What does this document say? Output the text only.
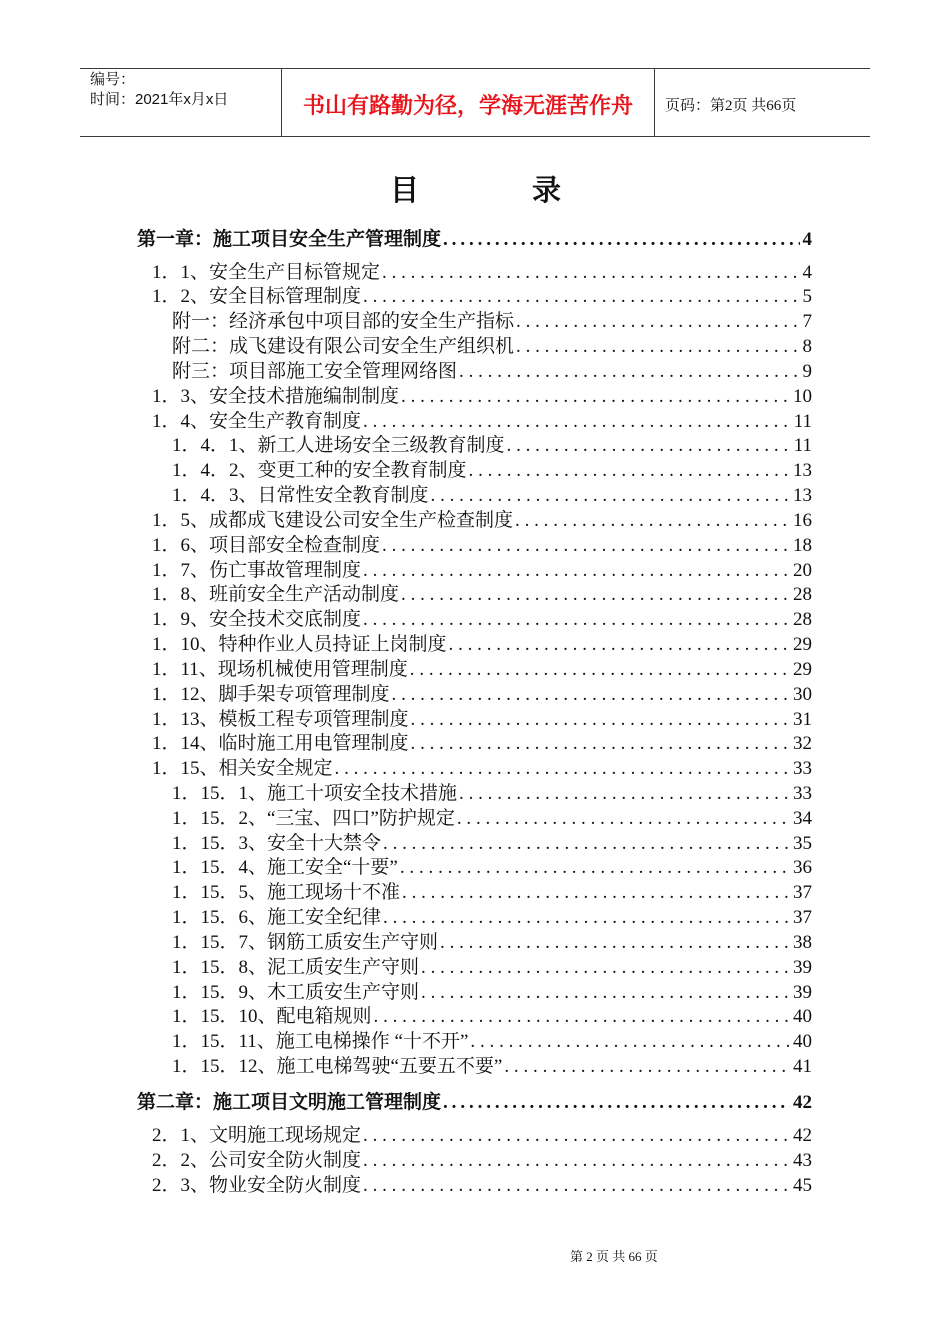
编号：
时间：2021年x月x日	书山有路勤为径，学海无涯苦作舟 页码：第2页 共66页
目录
第一章：施工项目安全生产管理制度 .....	4
1．1、安全生产目标管规定 .....	4
1．2、安全目标管理制度 .....	5
附一：经济承包中项目部的安全生产指标 .....	7
附二：成飞建设有限公司安全生产组织机 .....	8
附三：项目部施工安全管理网络图 .....	9
1．3、安全技术措施编制制度 .....	10
1．4、安全生产教育制度 .....	11
1．4．1、新工人进场安全三级教育制度 .....	11
1．4．2、变更工种的安全教育制度 .....	13
1．4．3、日常性安全教育制度 .....	13
1．5、成都成飞建设公司安全生产检查制度 .....	16
1．6、项目部安全检查制度 .....	18
1．7、伤亡事故管理制度 .....	20
1．8、班前安全生产活动制度 .....	28
1．9、安全技术交底制度 .....	28
1．10、特种作业人员持证上岗制度 .....	29
1．11、现场机械使用管理制度 .....	29
1．12、脚手架专项管理制度 .....	30
1．13、模板工程专项管理制度 .....	31
1．14、临时施工用电管理制度 .....	32
1．15、相关安全规定 .....	33
1．15．1、施工十项安全技术措施 .....	33
1．15．2、“三宝、四口”防护规定 .....	34
1．15．3、安全十大禁令 .....	35
1．15．4、施工安全“十要” .....	36
1．15．5、施工现场十不准 .....	37
1．15．6、施工安全纪律 .....	37
1．15．7、钢筋工质安生产守则 .....	38
1．15．8、泥工质安生产守则 .....	39
1．15．9、木工质安生产守则 .....	39
1．15．10、配电箱规则 .....	40
1．15．11、施工电梯操作 “十不开” .....	40
1．15．12、施工电梯驾驶“五要五不要” .....	41
第二章：施工项目文明施工管理制度 .....	42
2．1、文明施工现场规定 .....	42
2．2、公司安全防火制度 .....	43
2．3、物业安全防火制度 .....	45
第 2 页 共 66 页
